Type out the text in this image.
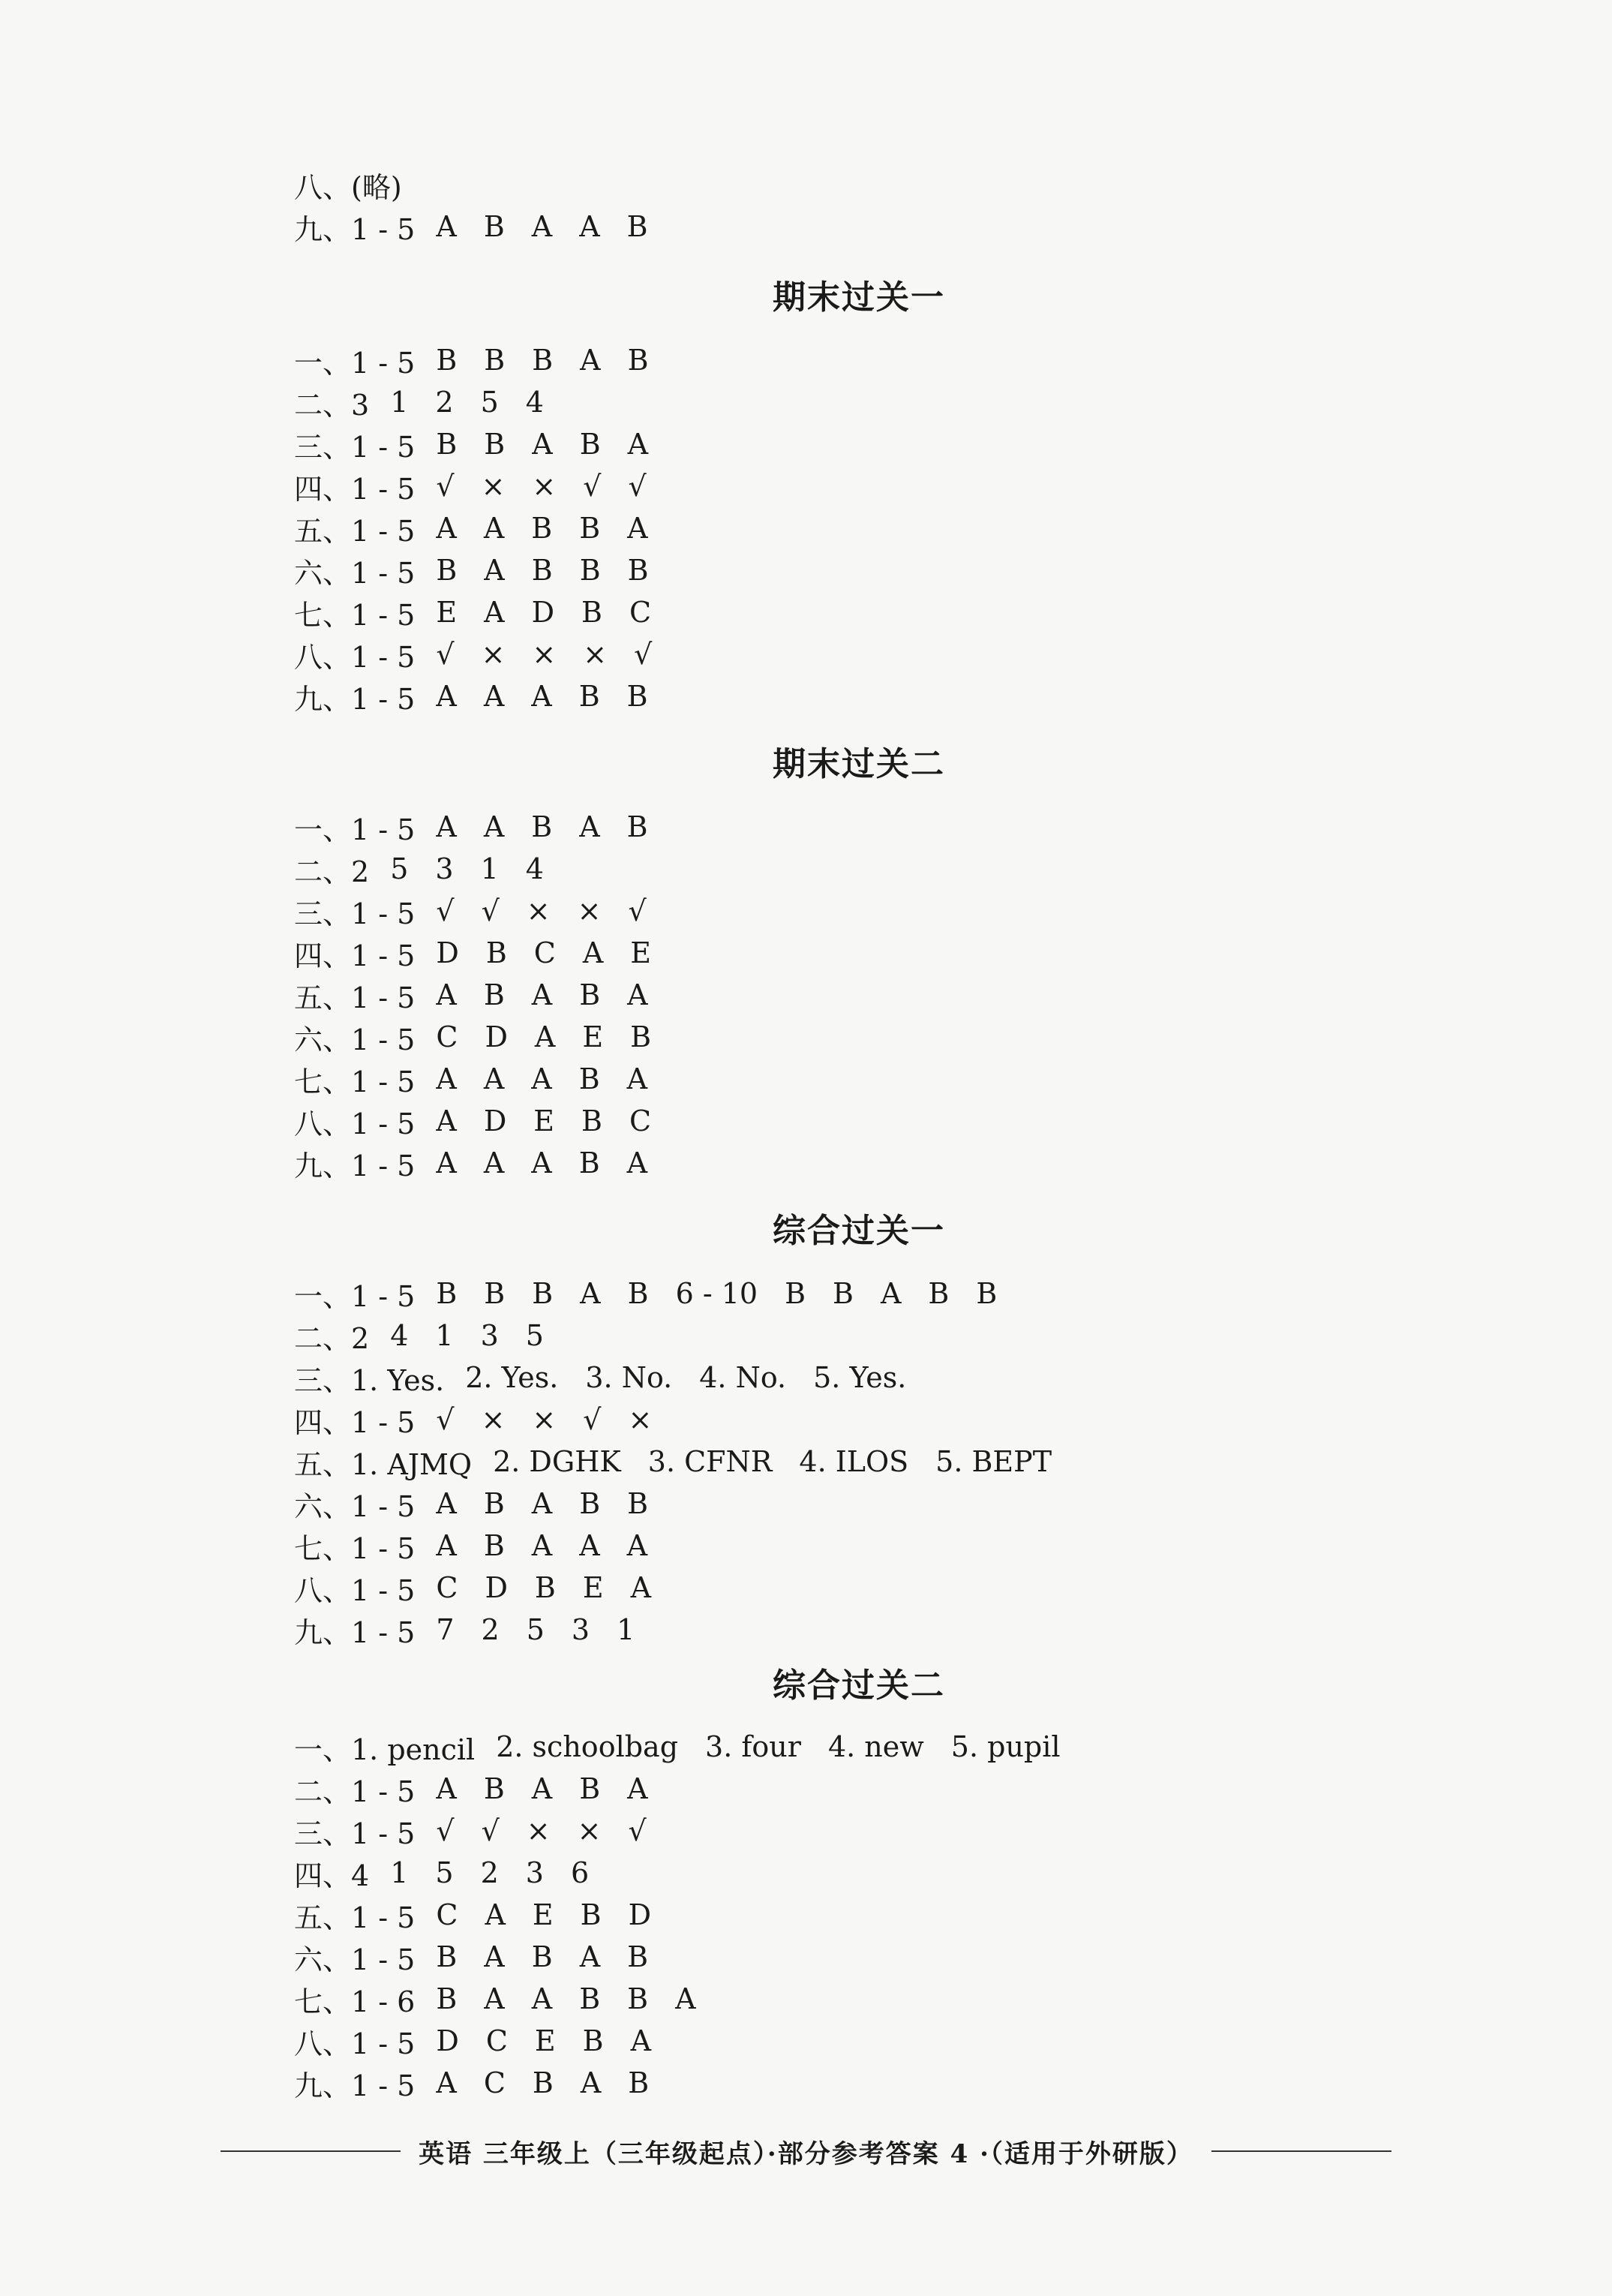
八、(略)
九、1 - 5 A B A A B
期末过关一
一、1 - 5 B B B A B
二、3 1 2 5 4
三、1 - 5 B B A B A
四、1 - 5 √ × × √ √
五、1 - 5 A A B B A
六、1 - 5 B A B B B
七、1 - 5 E A D B C
八、1 - 5 √ × × × √
九、1 - 5 A A A B B
期末过关二
一、1 - 5 A A B A B
二、2 5 3 1 4
三、1 - 5 √ √ × × √
四、1 - 5 D B C A E
五、1 - 5 A B A B A
六、1 - 5 C D A E B
七、1 - 5 A A A B A
八、1 - 5 A D E B C
九、1 - 5 A A A B A
综合过关一
一、1 - 5 B B B A B 6 - 10 B B A B B
二、2 4 1 3 5
三、1. Yes. 2. Yes. 3. No. 4. No. 5. Yes.
四、1 - 5 √ × × √ ×
五、1. AJMQ 2. DGHK 3. CFNR 4. ILOS 5. BEPT
六、1 - 5 A B A B B
七、1 - 5 A B A A A
八、1 - 5 C D B E A
九、1 - 5 7 2 5 3 1
综合过关二
一、1. pencil 2. schoolbag 3. four 4. new 5. pupil
二、1 - 5 A B A B A
三、1 - 5 √ √ × × √
四、4 1 5 2 3 6
五、1 - 5 C A E B D
六、1 - 5 B A B A B
七、1 - 6 B A A B B A
八、1 - 5 D C E B A
九、1 - 5 A C B A B
英语 三年级上（三年级起点）·部分参考答案 4 ·（适用于外研版）
